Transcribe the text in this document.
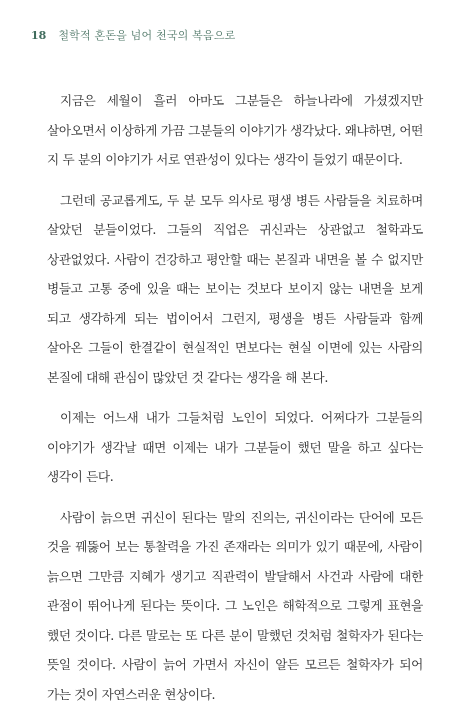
18 철학적 혼돈을 넘어 천국의 복음으로

지금은 세월이 흘러 아마도 그분들은 하늘나라에 가셨겠지만 살아오면서 이상하게 가끔 그분들의 이야기가 생각났다. 왜냐하면, 어떤 지 두 분의 이야기가 서로 연관성이 있다는 생각이 들었기 때문이다.

그런데 공교롭게도, 두 분 모두 의사로 평생 병든 사람들을 치료하며 살았던 분들이었다. 그들의 직업은 귀신과는 상관없고 철학과도 상관없었다. 사람이 건강하고 평안할 때는 본질과 내면을 볼 수 없지만 병들고 고통 중에 있을 때는 보이는 것보다 보이지 않는 내면을 보게 되고 생각하게 되는 법이어서 그런지, 평생을 병든 사람들과 함께 살아온 그들이 한결같이 현실적인 면보다는 현실 이면에 있는 사람의 본질에 대해 관심이 많았던 것 같다는 생각을 해 본다.

이제는 어느새 내가 그들처럼 노인이 되었다. 어쩌다가 그분들의 이야기가 생각날 때면 이제는 내가 그분들이 했던 말을 하고 싶다는 생각이 든다.

사람이 늙으면 귀신이 된다는 말의 진의는, 귀신이라는 단어에 모든 것을 꿰뚫어 보는 통찰력을 가진 존재라는 의미가 있기 때문에, 사람이 늙으면 그만큼 지혜가 생기고 직관력이 발달해서 사건과 사람에 대한 관점이 뛰어나게 된다는 뜻이다. 그 노인은 해학적으로 그렇게 표현을 했던 것이다. 다른 말로는 또 다른 분이 말했던 것처럼 철학자가 된다는 뜻일 것이다. 사람이 늙어 가면서 자신이 알든 모르든 철학자가 되어 가는 것이 자연스러운 현상이다.
